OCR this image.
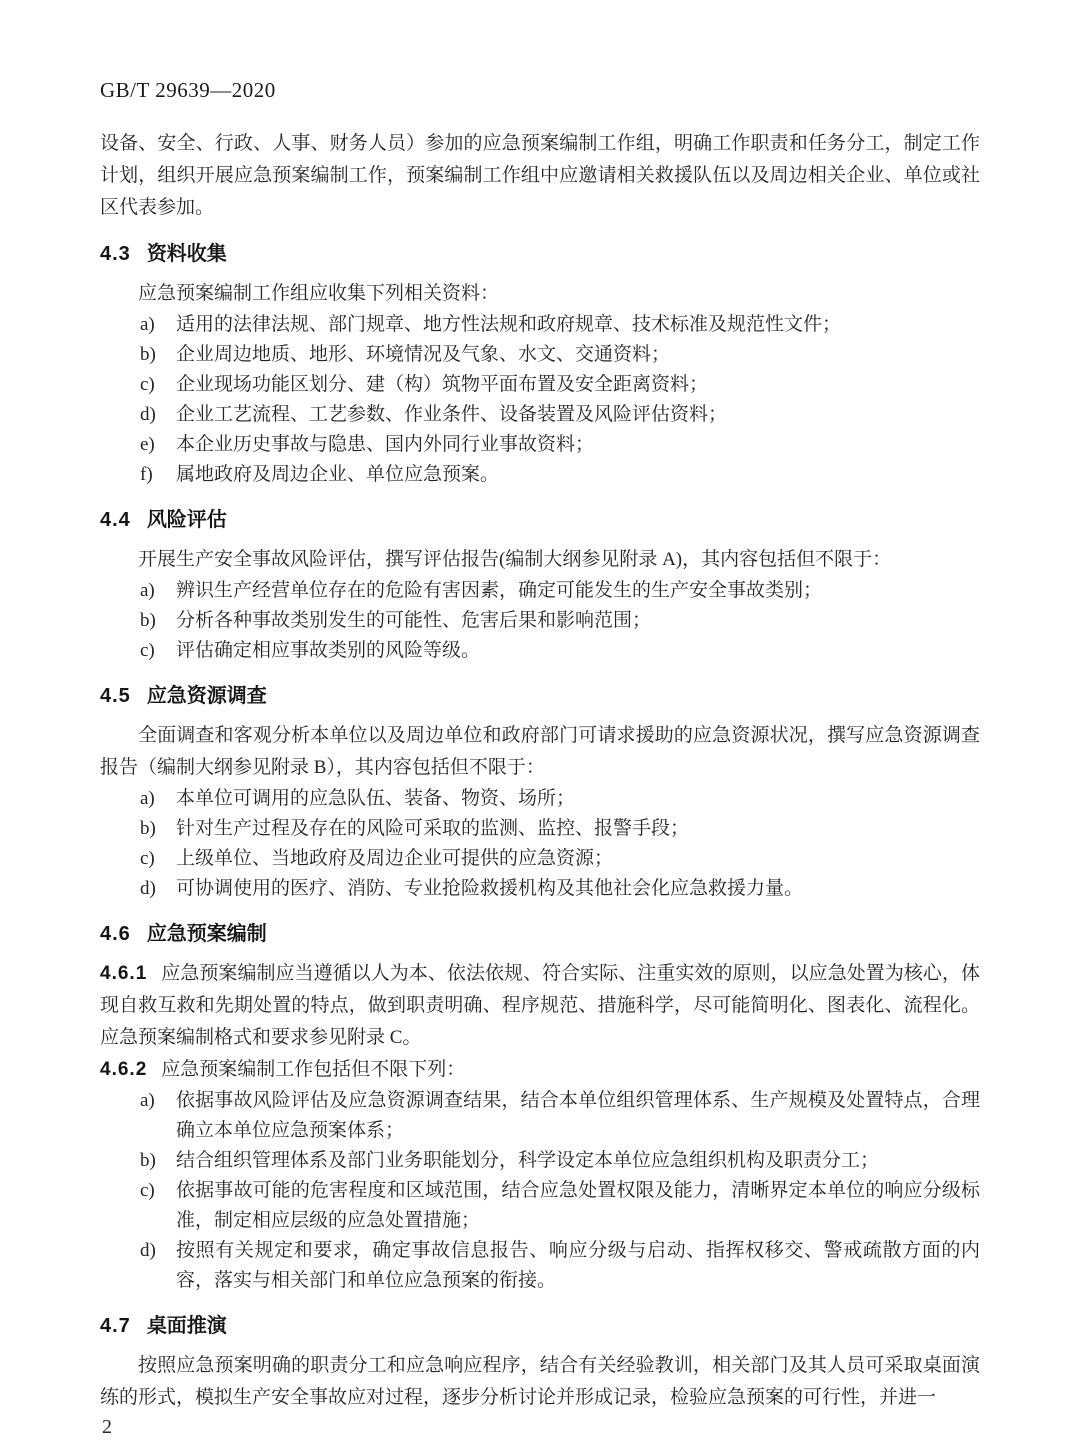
GB/T 29639—2020

设备、安全、行政、人事、财务人员）参加的应急预案编制工作组，明确工作职责和任务分工，制定工作计划，组织开展应急预案编制工作，预案编制工作组中应邀请相关救援队伍以及周边相关企业、单位或社区代表参加。

4.3 资料收集

应急预案编制工作组应收集下列相关资料：

a)	适用的法律法规、部门规章、地方性法规和政府规章、技术标准及规范性文件；
b)	企业周边地质、地形、环境情况及气象、水文、交通资料；
c)	企业现场功能区划分、建（构）筑物平面布置及安全距离资料；
d)	企业工艺流程、工艺参数、作业条件、设备装置及风险评估资料；
e)	本企业历史事故与隐患、国内外同行业事故资料；
f)	属地政府及周边企业、单位应急预案。
4.4 风险评估

开展生产安全事故风险评估，撰写评估报告(编制大纲参见附录 A)，其内容包括但不限于：

a)	辨识生产经营单位存在的危险有害因素，确定可能发生的生产安全事故类别；
b)	分析各种事故类别发生的可能性、危害后果和影响范围；
c)	评估确定相应事故类别的风险等级。
4.5 应急资源调查

全面调查和客观分析本单位以及周边单位和政府部门可请求援助的应急资源状况，撰写应急资源调查报告（编制大纲参见附录 B），其内容包括但不限于：

a)	本单位可调用的应急队伍、装备、物资、场所；
b)	针对生产过程及存在的风险可采取的监测、监控、报警手段；
c)	上级单位、当地政府及周边企业可提供的应急资源；
d)	可协调使用的医疗、消防、专业抢险救援机构及其他社会化应急救援力量。
4.6 应急预案编制

4.6.1 应急预案编制应当遵循以人为本、依法依规、符合实际、注重实效的原则，以应急处置为核心，体现自救互救和先期处置的特点，做到职责明确、程序规范、措施科学，尽可能简明化、图表化、流程化。应急预案编制格式和要求参见附录 C。

4.6.2 应急预案编制工作包括但不限下列：

a)	依据事故风险评估及应急资源调查结果，结合本单位组织管理体系、生产规模及处置特点，合理确立本单位应急预案体系；
b)	结合组织管理体系及部门业务职能划分，科学设定本单位应急组织机构及职责分工；
c)	依据事故可能的危害程度和区域范围，结合应急处置权限及能力，清晰界定本单位的响应分级标准，制定相应层级的应急处置措施；
d)	按照有关规定和要求，确定事故信息报告、响应分级与启动、指挥权移交、警戒疏散方面的内容，落实与相关部门和单位应急预案的衔接。
4.7 桌面推演

按照应急预案明确的职责分工和应急响应程序，结合有关经验教训，相关部门及其人员可采取桌面演练的形式，模拟生产安全事故应对过程，逐步分析讨论并形成记录，检验应急预案的可行性，并进一

2
